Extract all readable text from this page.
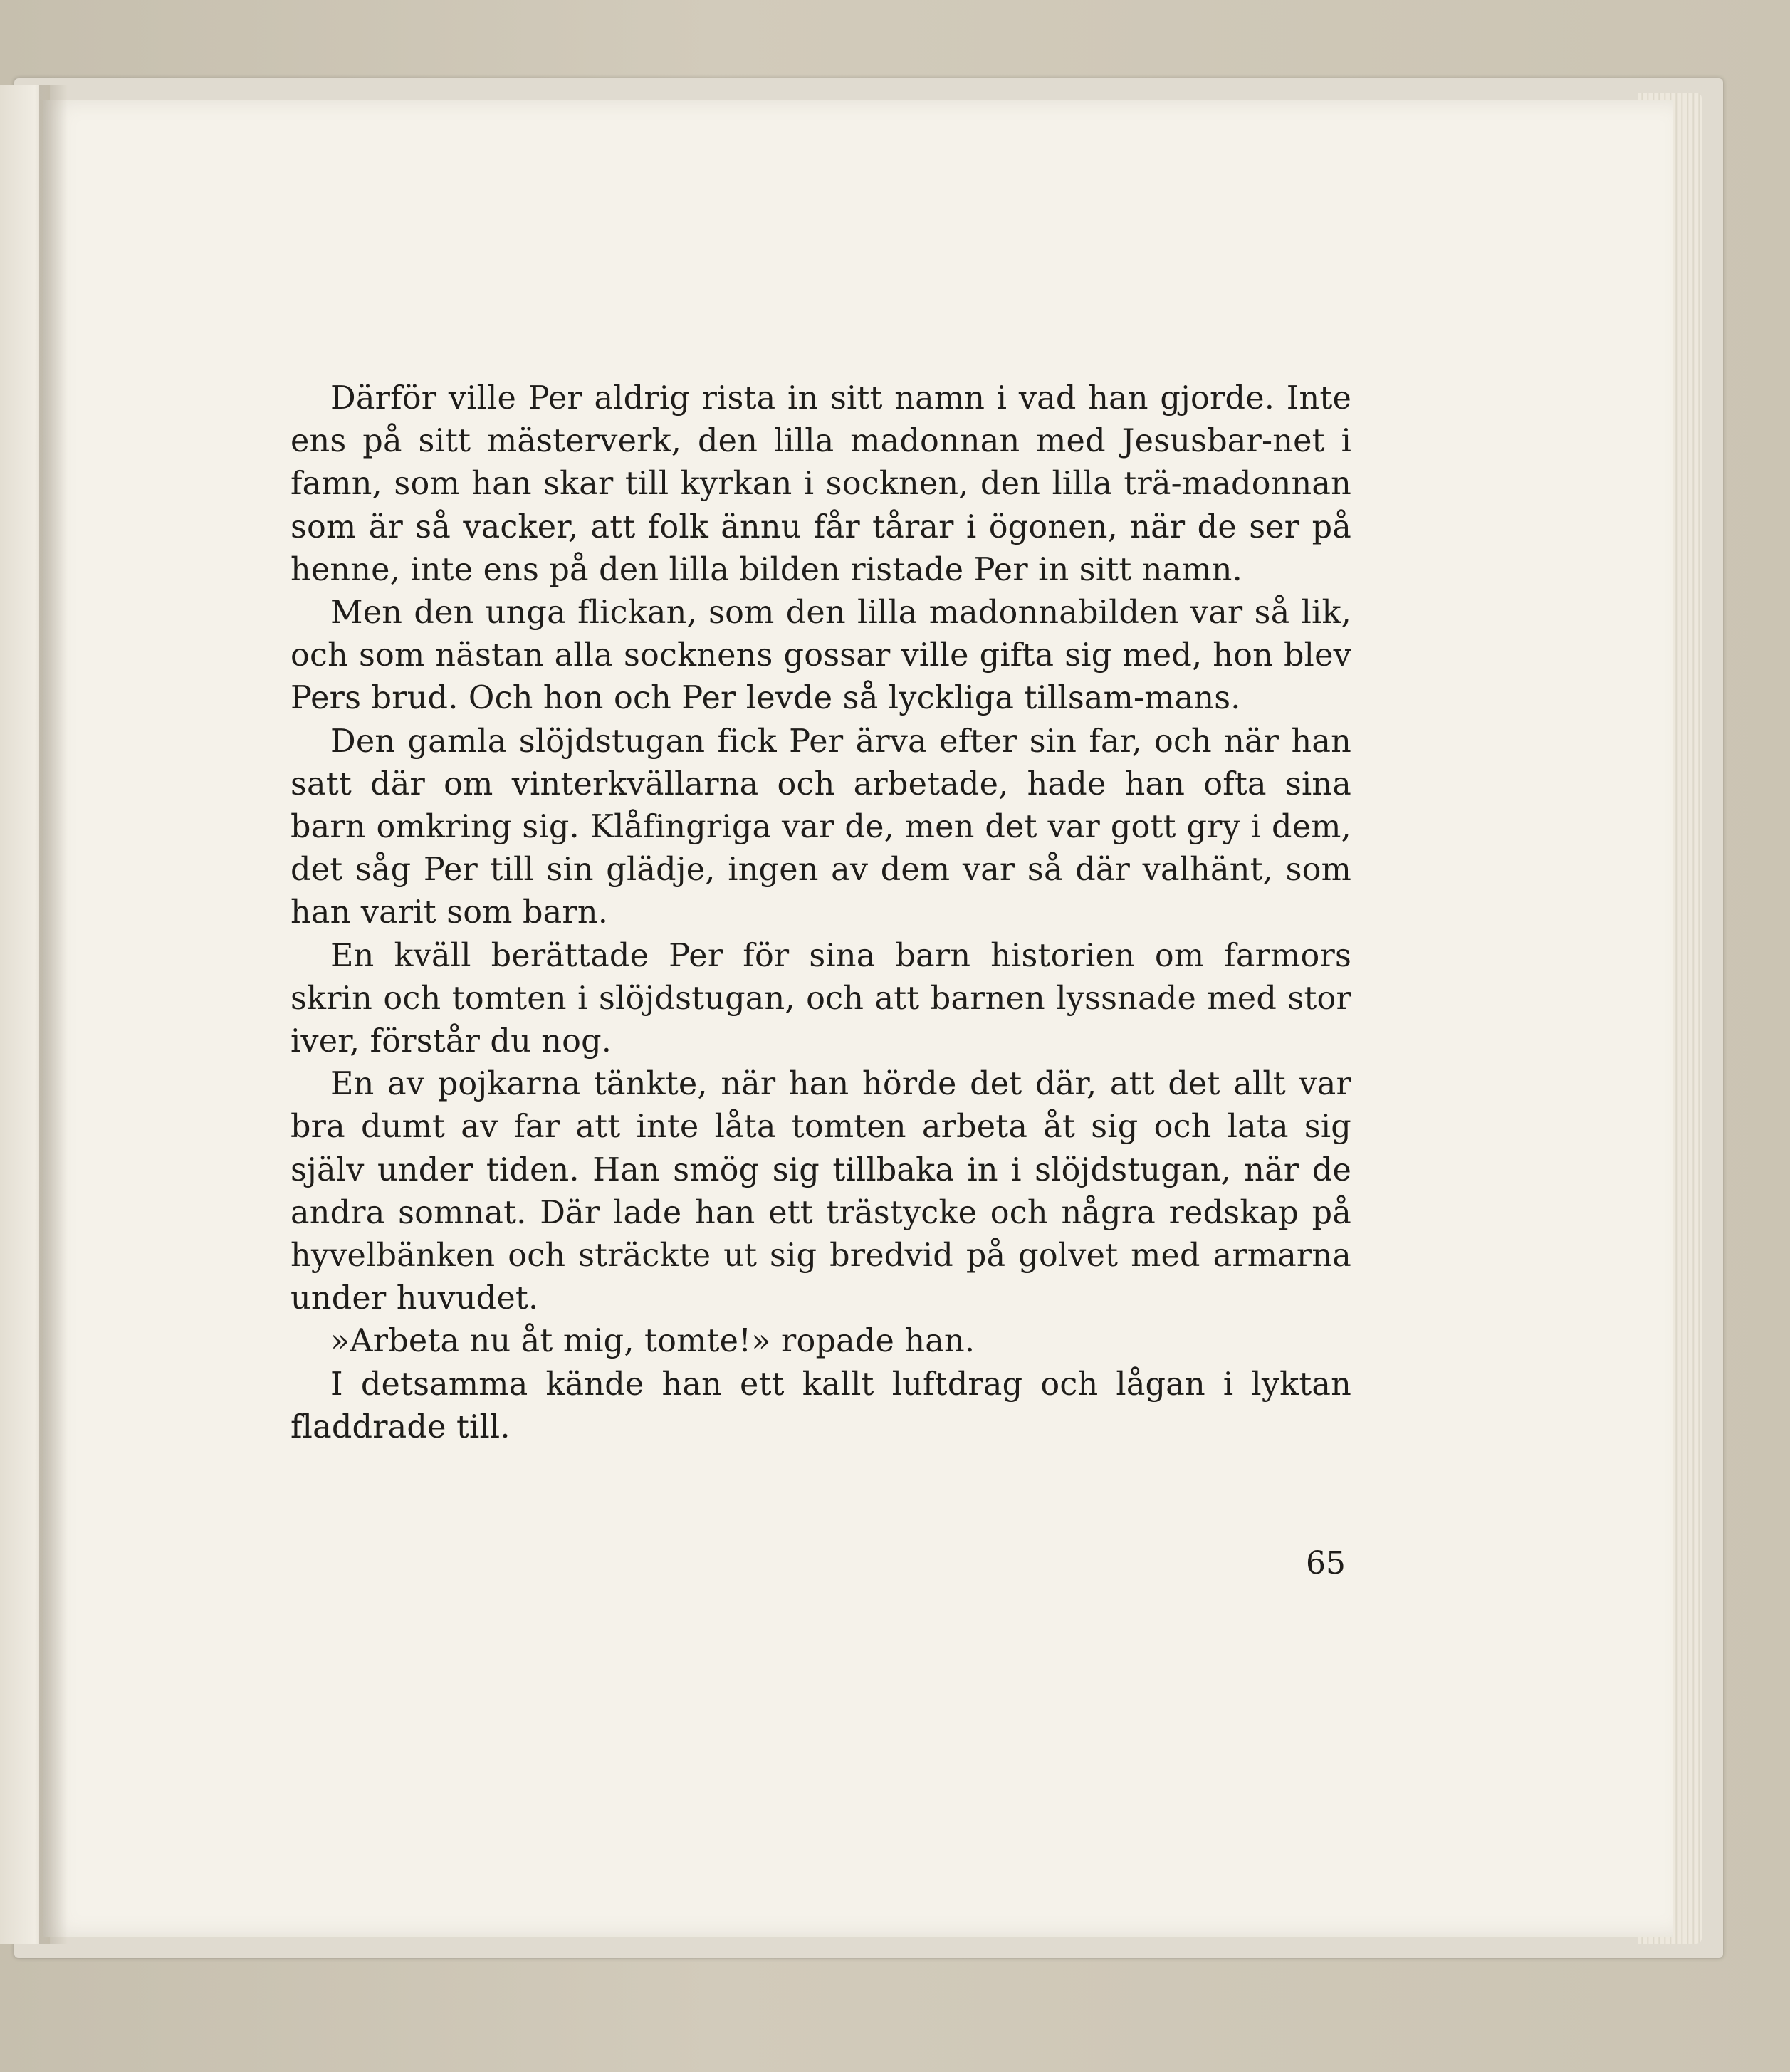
Därför ville Per aldrig rista in sitt namn i vad han gjorde. Inte ens på sitt mästerverk, den lilla madonnan med Jesusbar-net i famn, som han skar till kyrkan i socknen, den lilla trä-madonnan som är så vacker, att folk ännu får tårar i ögonen, när de ser på henne, inte ens på den lilla bilden ristade Per in sitt namn.

Men den unga flickan, som den lilla madonnabilden var så lik, och som nästan alla socknens gossar ville gifta sig med, hon blev Pers brud. Och hon och Per levde så lyckliga tillsam-mans.

Den gamla slöjdstugan fick Per ärva efter sin far, och när han satt där om vinterkvällarna och arbetade, hade han ofta sina barn omkring sig. Klåfingriga var de, men det var gott gry i dem, det såg Per till sin glädje, ingen av dem var så där valhänt, som han varit som barn.

En kväll berättade Per för sina barn historien om farmors skrin och tomten i slöjdstugan, och att barnen lyssnade med stor iver, förstår du nog.

En av pojkarna tänkte, när han hörde det där, att det allt var bra dumt av far att inte låta tomten arbeta åt sig och lata sig själv under tiden. Han smög sig tillbaka in i slöjdstugan, när de andra somnat. Där lade han ett trästycke och några redskap på hyvelbänken och sträckte ut sig bredvid på golvet med armarna under huvudet.

»Arbeta nu åt mig, tomte!» ropade han.

I detsamma kände han ett kallt luftdrag och lågan i lyktan fladdrade till.

65
